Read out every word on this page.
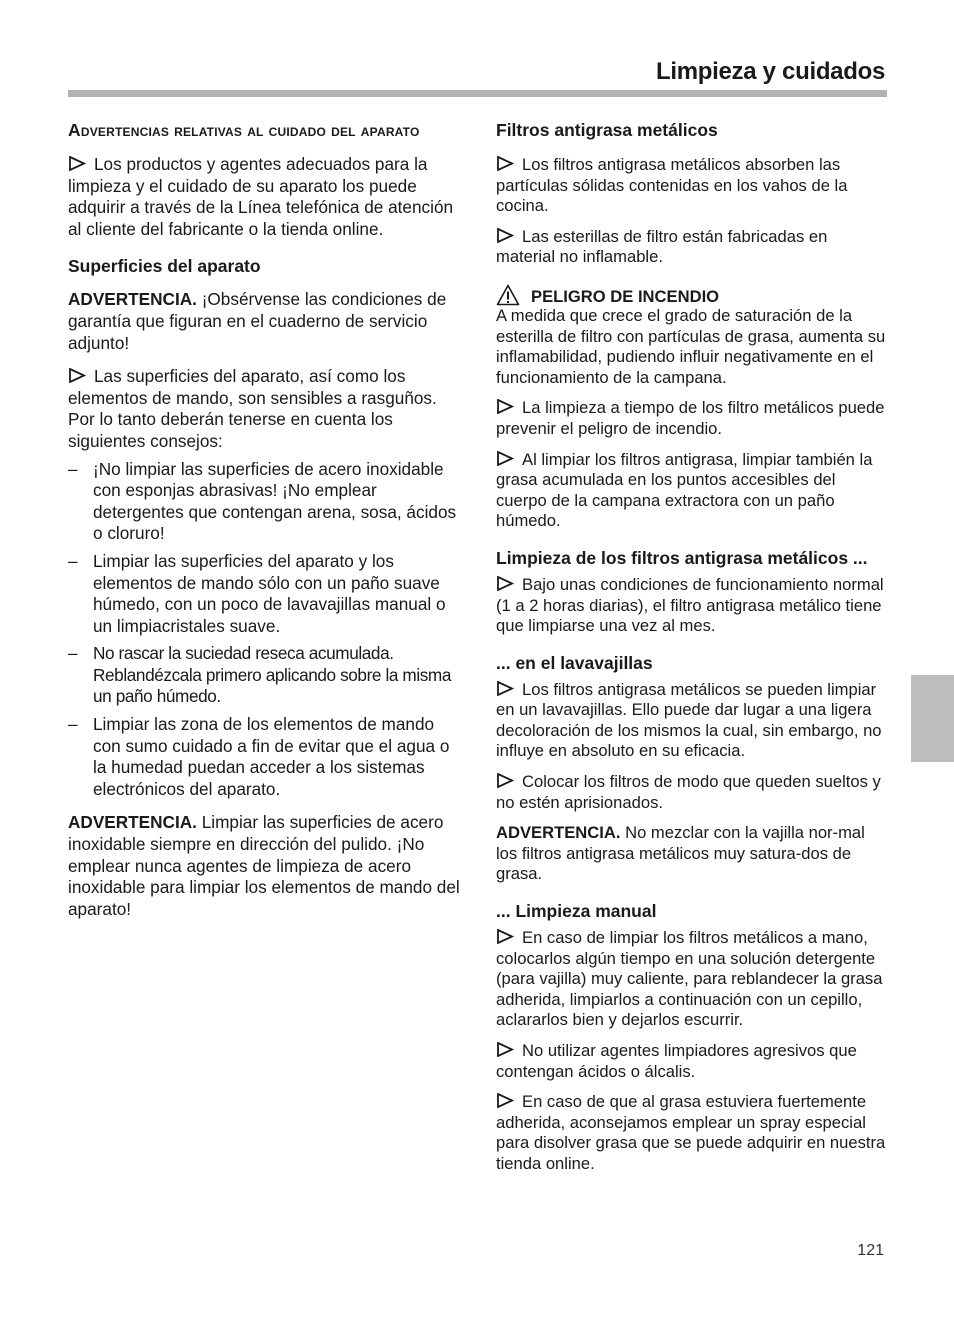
Limpieza y cuidados
121
Advertencias relativas al cuidado del aparato

Los productos y agentes adecuados para la limpieza y el cuidado de su aparato los puede adquirir a través de la Línea telefónica de atención al cliente del fabricante o la tienda online.

Superficies del aparato

ADVERTENCIA. ¡Obsérvense las condiciones de garantía que figuran en el cuaderno de servicio adjunto!

Las superficies del aparato, así como los elementos de mando, son sensibles a rasguños. Por lo tanto deberán tenerse en cuenta los siguientes consejos:

– ¡No limpiar las superficies de acero inoxidable con esponjas abrasivas! ¡No emplear detergentes que contengan arena, sosa, ácidos o cloruro!
– Limpiar las superficies del aparato y los elementos de mando sólo con un paño suave húmedo, con un poco de lavavajillas manual o un limpiacristales suave.
– No rascar la suciedad reseca acumulada. Reblandézcala primero aplicando sobre la misma un paño húmedo.
– Limpiar las zona de los elementos de mando con sumo cuidado a fin de evitar que el agua o la humedad puedan acceder a los sistemas electrónicos del aparato.

ADVERTENCIA. Limpiar las superficies de acero inoxidable siempre en dirección del pulido. ¡No emplear nunca agentes de limpieza de acero inoxidable para limpiar los elementos de mando del aparato!

Filtros antigrasa metálicos

Los filtros antigrasa metálicos absorben las partículas sólidas contenidas en los vahos de la cocina.

Las esterillas de filtro están fabricadas en material no inflamable.

PELIGRO DE INCENDIO

A medida que crece el grado de saturación de la esterilla de filtro con partículas de grasa, aumenta su inflamabilidad, pudiendo influir negativamente en el funcionamiento de la campana.

La limpieza a tiempo de los filtro metálicos puede prevenir el peligro de incendio.

Al limpiar los filtros antigrasa, limpiar también la grasa acumulada en los puntos accesibles del cuerpo de la campana extractora con un paño húmedo.

Limpieza de los filtros antigrasa metálicos ...

Bajo unas condiciones de funcionamiento normal (1 a 2 horas diarias), el filtro antigrasa metálico tiene que limpiarse una vez al mes.

... en el lavavajillas

Los filtros antigrasa metálicos se pueden limpiar en un lavavajillas. Ello puede dar lugar a una ligera decoloración de los mismos la cual, sin embargo, no influye en absoluto en su eficacia.

Colocar los filtros de modo que queden sueltos y no estén aprisionados.

ADVERTENCIA. No mezclar con la vajilla nor-mal los filtros antigrasa metálicos muy satura-dos de grasa.

... Limpieza manual

En caso de limpiar los filtros metálicos a mano, colocarlos algún tiempo en una solución detergente (para vajilla) muy caliente, para reblandecer la grasa adherida, limpiarlos a continuación con un cepillo, aclararlos bien y dejarlos escurrir.

No utilizar agentes limpiadores agresivos que contengan ácidos o álcalis.

En caso de que al grasa estuviera fuertemente adherida, aconsejamos emplear un spray especial para disolver grasa que se puede adquirir en nuestra tienda online.
